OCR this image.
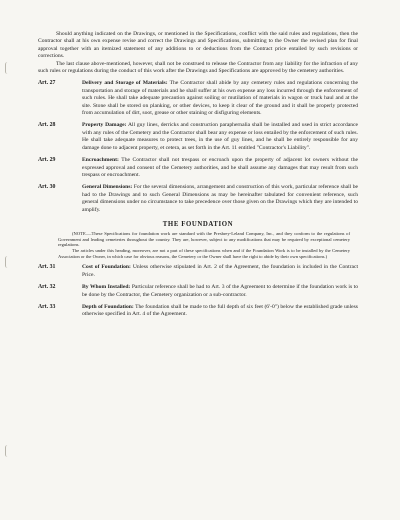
Should anything indicated on the Drawings, or mentioned in the Specifications, conflict with the said rules and regulations, then the Contractor shall at his own expense revise and correct the Drawings and Specifications, submitting to the Owner the revised plan for final approval together with an itemized statement of any additions to or deductions from the Contract price entailed by such revisions or corrections.

The last clause above-mentioned, however, shall not be construed to release the Contractor from any liability for the infraction of any such rules or regulations during the conduct of this work after the Drawings and Specifications are approved by the cemetery authorities.

Art. 27	Delivery and Storage of Materials: The Contractor shall abide by any cemetery rules and regulations concerning the transportation and storage of materials and he shall suffer at his own expense any loss incurred through the enforcement of such rules. He shall take adequate precaution against soiling or mutilation of materials in wagon or truck haul and at the site. Stone shall be stored on planking, or other devices, to keep it clear of the ground and it shall be properly protected from accumulation of dirt, soot, grease or other staining or disfiguring elements.

Art. 28	Property Damage: All guy lines, derricks and construction paraphernalia shall be installed and used in strict accordance with any rules of the Cemetery and the Contractor shall bear any expense or loss entailed by the enforcement of such rules. He shall take adequate measures to protect trees, in the use of guy lines, and he shall be entirely responsible for any damage done to adjacent property, et cetera, as set forth in the Art. 11 entitled "Contractor's Liability".

Art. 29	Encroachment: The Contractor shall not trespass or encroach upon the property of adjacent lot owners without the expressed approval and consent of the Cemetery authorities, and he shall assume any damages that may result from such trespass or encroachment.

Art. 30	General Dimensions: For the several dimensions, arrangement and construction of this work, particular reference shall be had to the Drawings and to such General Dimensions as may be hereinafter tabulated for convenient reference, such general dimensions under no circumstance to take precedence over those given on the Drawings which they are intended to amplify.

THE FOUNDATION

(NOTE.—These Specifications for foundation work are standard with the Presbrey-Leland Company, Inc., and they conform to the regulations of Government and leading cemeteries throughout the country. They are, however, subject to any modifications that may be required by exceptional cemetery regulations.

The articles under this heading, moreover, are not a part of these specifications when and if the Foundation Work is to be installed by the Cemetery Association or the Owner, in which case for obvious reasons, the Cemetery or the Owner shall have the right to abide by their own specifications.)

Art. 31	Cost of Foundation: Unless otherwise stipulated in Art. 2 of the Agreement, the foundation is included in the Contract Price.

Art. 32	By Whom Installed: Particular reference shall be had to Art. 3 of the Agreement to determine if the foundation work is to be done by the Contractor, the Cemetery organization or a sub-contractor.

Art. 33	Depth of Foundation: The foundation shall be made to the full depth of six feet (6'-0") below the established grade unless otherwise specified in Art. 4 of the Agreement.
